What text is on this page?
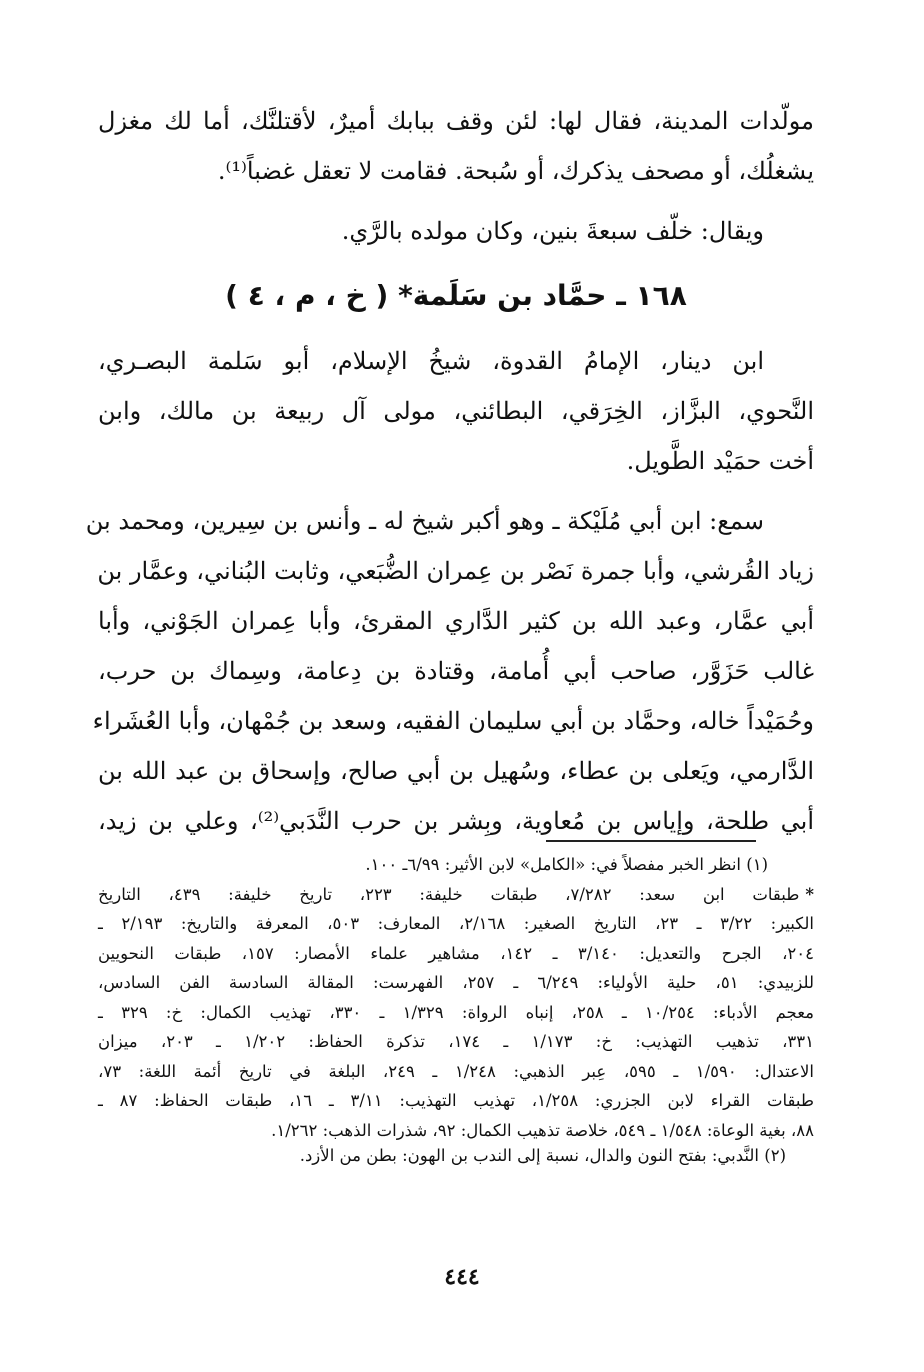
مولّدات المدينة، فقال لها: لئن وقف ببابك أميرٌ، لأقتلنَّك، أما لك مغزل
يشغلُك، أو مصحف يذكرك، أو سُبحة. فقامت لا تعقل غضباً⁽¹⁾.
ويقال: خلّف سبعةَ بنين، وكان مولده بالرَّي.
١٦٨ ـ حمَّاد بن سَلَمة* ( خ ، م ، ٤ )
ابن دينار، الإمامُ القدوة، شيخُ الإسلام، أبو سَلمة البصـري،
النَّحوي، البزَّاز، الخِرَقي، البطائني، مولى آل ربيعة بن مالك، وابن
أخت حمَيْد الطَّويل.
سمع: ابن أبي مُلَيْكة ـ وهو أكبر شيخ له ـ وأنس بن سِيرين، ومحمد بن
زياد القُرشي، وأبا جمرة نَصْر بن عِمران الضُّبَعي، وثابت البُناني، وعمَّار بن
أبي عمَّار، وعبد الله بن كثير الدَّاري المقرئ، وأبا عِمران الجَوْني، وأبا
غالب حَزَوَّر، صاحب أبي أُمامة، وقتادة بن دِعامة، وسِماك بن حرب،
وحُمَيْداً خاله، وحمَّاد بن أبي سليمان الفقيه، وسعد بن جُمْهان، وأبا العُشَراء
الدَّارمي، ويَعلى بن عطاء، وسُهيل بن أبي صالح، وإسحاق بن عبد الله بن
أبي طلحة، وإياس بن مُعاوية، وبِشر بن حرب النَّدَبي⁽²⁾، وعلي بن زيد،
(١) انظر الخبر مفصلاً في: «الكامل» لابن الأثير: ٦/٩٩ـ ١٠٠.
*طبقات ابن سعد: ٧/٢٨٢، طبقات خليفة: ٢٢٣، تاريخ خليفة: ٤٣٩، التاريخ
الكبير: ٣/٢٢ ـ ٢٣، التاريخ الصغير: ٢/١٦٨، المعارف: ٥٠٣، المعرفة والتاريخ: ٢/١٩٣ ـ
٢٠٤، الجرح والتعديل: ٣/١٤٠ ـ ١٤٢، مشاهير علماء الأمصار: ١٥٧، طبقات النحويين
للزبيدي: ٥١، حلية الأولياء: ٦/٢٤٩ ـ ٢٥٧، الفهرست: المقالة السادسة الفن السادس،
معجم الأدباء: ١٠/٢٥٤ ـ ٢٥٨، إنباه الرواة: ١/٣٢٩ ـ ٣٣٠، تهذيب الكمال: خ: ٣٢٩ ـ
٣٣١، تذهيب التهذيب: خ: ١/١٧٣ ـ ١٧٤، تذكرة الحفاظ: ١/٢٠٢ ـ ٢٠٣، ميزان
الاعتدال: ١/٥٩٠ ـ ٥٩٥، عِبر الذهبي: ١/٢٤٨ ـ ٢٤٩، البلغة في تاريخ أئمة اللغة: ٧٣،
طبقات القراء لابن الجزري: ١/٢٥٨، تهذيب التهذيب: ٣/١١ ـ ١٦، طبقات الحفاظ: ٨٧ ـ
٨٨، بغية الوعاة: ١/٥٤٨ ـ ٥٤٩، خلاصة تذهيب الكمال: ٩٢، شذرات الذهب: ١/٢٦٢.
(٢) النَّدبي: بفتح النون والدال، نسبة إلى الندب بن الهون: بطن من الأزد.
٤٤٤
